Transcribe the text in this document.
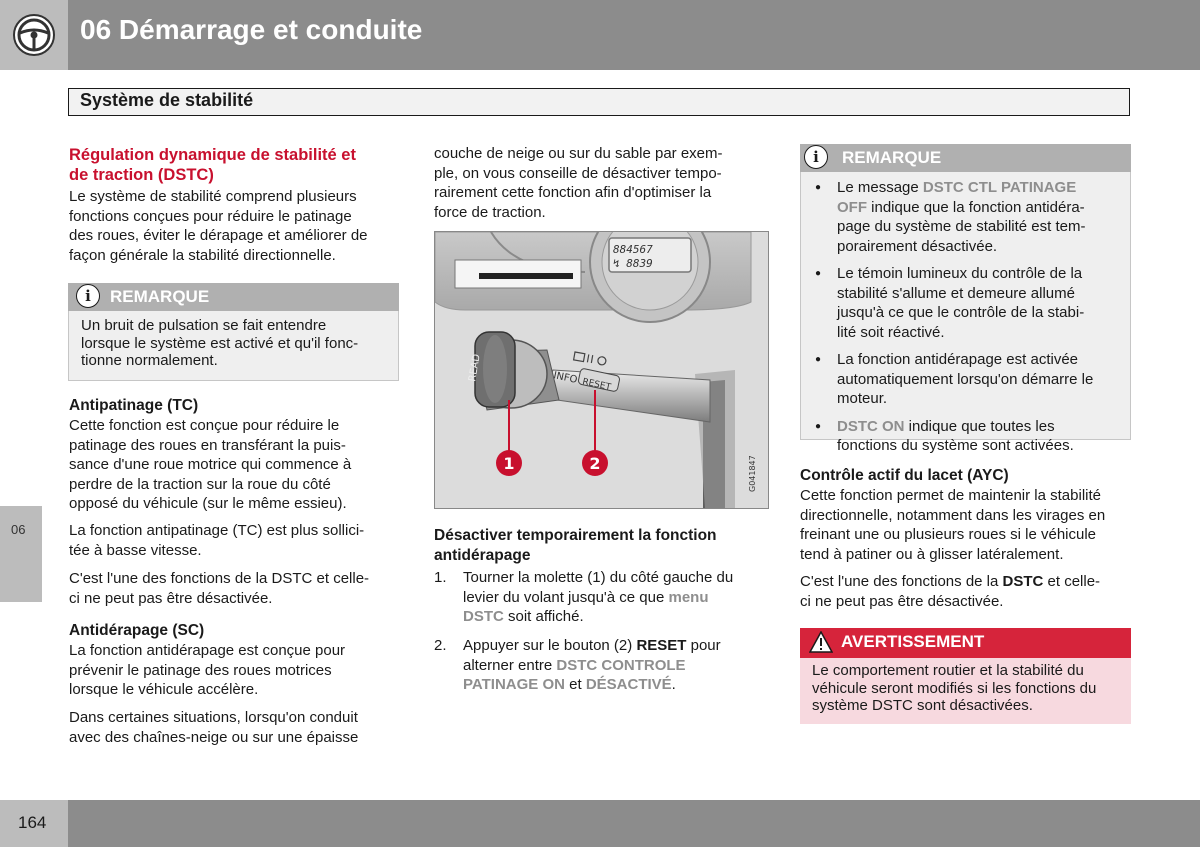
06 Démarrage et conduite
Système de stabilité
06
Régulation dynamique de stabilité et
de traction (DSTC)
Le système de stabilité comprend plusieurs
fonctions conçues pour réduire le patinage
des roues, éviter le dérapage et améliorer de
façon générale la stabilité directionnelle.
i	REMARQUE
Un bruit de pulsation se fait entendre
lorsque le système est activé et qu'il fonc-
tionne normalement.
Antipatinage (TC)
Cette fonction est conçue pour réduire le
patinage des roues en transférant la puis-
sance d'une roue motrice qui commence à
perdre de la traction sur la roue du côté
opposé du véhicule (sur le même essieu).
La fonction antipatinage (TC) est plus sollici-
tée à basse vitesse.
C'est l'une des fonctions de la DSTC et celle-
ci ne peut pas être désactivée.
Antidérapage (SC)
La fonction antidérapage est conçue pour
prévenir le patinage des roues motrices
lorsque le véhicule accélère.
Dans certaines situations, lorsqu'on conduit
avec des chaînes-neige ou sur une épaisse
couche de neige ou sur du sable par exem-
ple, on vous conseille de désactiver tempo-
rairement cette fonction afin d'optimiser la
force de traction.
884567
↯ 8839
READ	INFO RESET
1	2	G041847
Désactiver temporairement la fonction
antidérapage
1. Tourner la molette (1) du côté gauche du
levier du volant jusqu'à ce que menu
DSTC soit affiché.
2. Appuyer sur le bouton (2) RESET pour
alterner entre DSTC CONTROLE
PATINAGE ON et DÉSACTIVÉ.
i	REMARQUE
● Le message DSTC CTL PATINAGE
OFF indique que la fonction antidéra-
page du système de stabilité est tem-
porairement désactivée.
● Le témoin lumineux du contrôle de la
stabilité s'allume et demeure allumé
jusqu'à ce que le contrôle de la stabi-
lité soit réactivé.
● La fonction antidérapage est activée
automatiquement lorsqu'on démarre le
moteur.
● DSTC ON indique que toutes les
fonctions du système sont activées.
Contrôle actif du lacet (AYC)
Cette fonction permet de maintenir la stabilité
directionnelle, notamment dans les virages en
freinant une ou plusieurs roues si le véhicule
tend à patiner ou à glisser latéralement.
C'est l'une des fonctions de la DSTC et celle-
ci ne peut pas être désactivée.
AVERTISSEMENT
Le comportement routier et la stabilité du
véhicule seront modifiés si les fonctions du
système DSTC sont désactivées.
164
